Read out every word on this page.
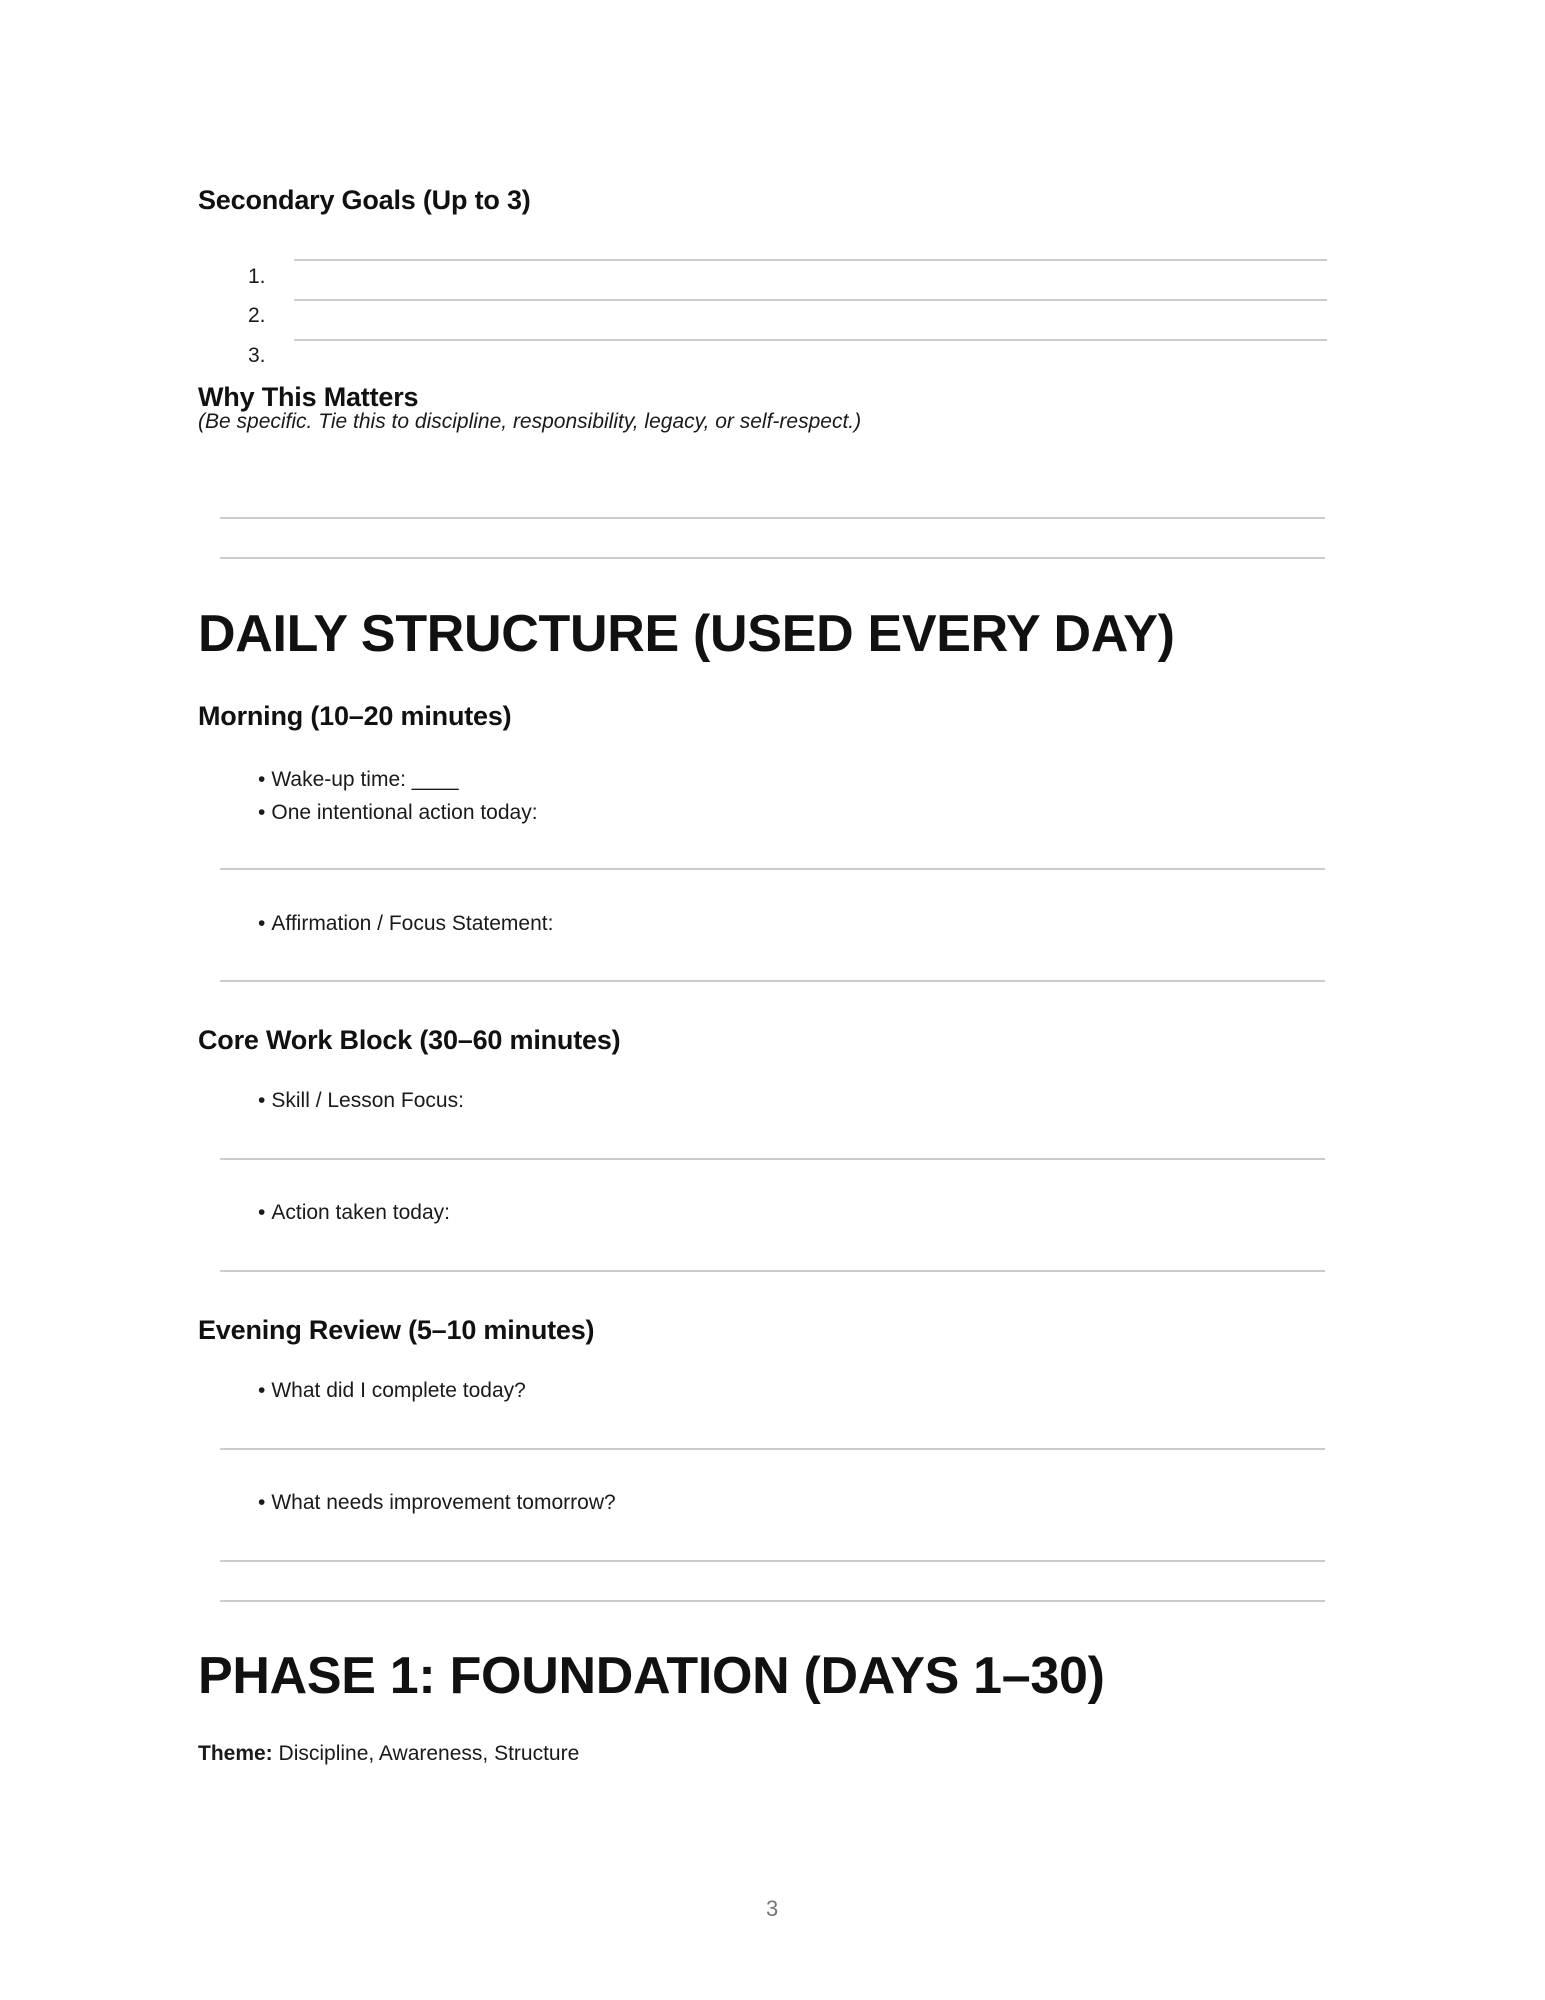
Secondary Goals (Up to 3)
1.
2.
3.
Why This Matters
(Be specific. Tie this to discipline, responsibility, legacy, or self-respect.)
DAILY STRUCTURE (USED EVERY DAY)
Morning (10–20 minutes)
• Wake-up time: ____
• One intentional action today:
• Affirmation / Focus Statement:
Core Work Block (30–60 minutes)
• Skill / Lesson Focus:
• Action taken today:
Evening Review (5–10 minutes)
• What did I complete today?
• What needs improvement tomorrow?
PHASE 1: FOUNDATION (DAYS 1–30)
Theme: Discipline, Awareness, Structure
3
